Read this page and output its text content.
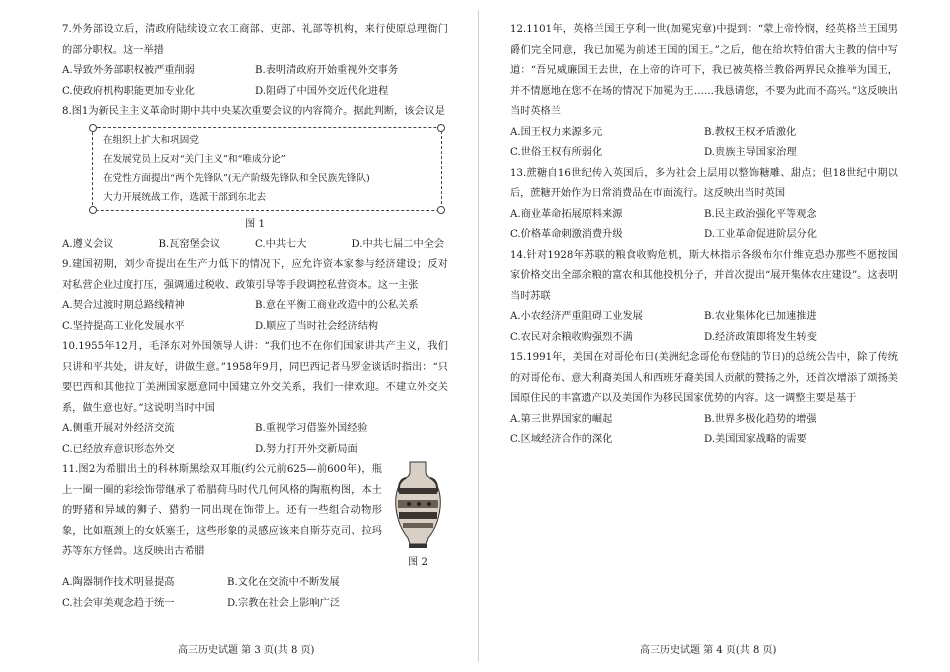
7.外务部设立后，清政府陆续设立农工商部、吏部、礼部等机构，来行使原总理衙门的部分职权。这一举措

A.导致外务部职权被严重削弱	B.表明清政府开始重视外交事务
C.使政府机构职能更加专业化	D.阻碍了中国外交近代化进程

8.图1为新民主主义革命时期中共中央某次重要会议的内容简介。据此判断，该会议是

在组织上扩大和巩固党
在发展党员上反对“关门主义”和“唯成分论”
在党性方面提出“两个先锋队”(无产阶级先锋队和全民族先锋队)
大力开展统战工作，选派干部到东北去
图 1
A.遵义会议	B.瓦窑堡会议	C.中共七大	D.中共七届二中全会

9.建国初期，刘少奇提出在生产力低下的情况下，应允许资本家参与经济建设；反对对私营企业过度打压，强调通过税收、政策引导等手段调控私营资本。这一主张

A.契合过渡时期总路线精神	B.意在平衡工商业改造中的公私关系
C.坚持提高工业化发展水平	D.顺应了当时社会经济结构

10.1955年12月，毛泽东对外国领导人讲：“我们也不在你们国家讲共产主义，我们只讲和平共处，讲友好，讲做生意。”1958年9月，同巴西记者马罗金谈话时指出：“只要巴西和其他拉丁美洲国家愿意同中国建立外交关系，我们一律欢迎。不建立外交关系，做生意也好。”这说明当时中国

A.侧重开展对外经济交流	B.重视学习借鉴外国经验
C.已经放弃意识形态外交	D.努力打开外交新局面
图 2

11.图2为希腊出土的科林斯黑绘双耳瓶(约公元前625—前600年)，瓶上一圈一圈的彩绘饰带继承了希腊荷马时代几何风格的陶瓶构图，本土的野猪和异域的狮子、猎豹一同出现在饰带上。还有一些组合动物形象，比如瓶颈上的女妖塞壬，这些形象的灵感应该来自斯芬克司、拉玛苏等东方怪兽。这反映出古希腊

A.陶器制作技术明显提高	B.文化在交流中不断发展
C.社会审美观念趋于统一	D.宗教在社会上影响广泛
高三历史试题 第 3 页(共 8 页)

12.1101年，英格兰国王亨利一世(加冕宪章)中提到：“蒙上帝怜悯，经英格兰王国男爵们完全同意，我已加冕为前述王国的国王。”之后，他在给坎特伯雷大主教的信中写道：“吾兄威廉国王去世，在上帝的许可下，我已被英格兰教俗两界民众推举为国王，并不情愿地在您不在场的情况下加冕为王……我恳请您，不要为此而不高兴。”这反映出当时英格兰

A.国王权力来源多元	B.教权王权矛盾激化
C.世俗王权有所弱化	D.贵族主导国家治理

13.蔗糖自16世纪传入英国后，多为社会上层用以整饰糖雕、甜点；但18世纪中期以后，蔗糖开始作为日常消费品在市面流行。这反映出当时英国

A.商业革命拓展原料来源	B.民主政治强化平等观念
C.价格革命刺激消费升级	D.工业革命促进阶层分化

14.针对1928年苏联的粮食收购危机，斯大林指示各级布尔什维克恐办那些不愿按国家价格交出全部余粮的富农和其他投机分子，并首次提出“展开集体农庄建设”。这表明当时苏联

A.小农经济严重阻碍工业发展	B.农业集体化已加速推进
C.农民对余粮收购强烈不满	D.经济政策即将发生转变

15.1991年，美国在对哥伦布日(美洲纪念哥伦布登陆的节日)的总统公告中，除了传统的对哥伦布、意大利裔美国人和西班牙裔美国人贡献的赞扬之外，还首次增添了颂扬美国原住民的丰富遗产以及美国作为移民国家优势的内容。这一调整主要是基于

A.第三世界国家的崛起	B.世界多极化趋势的增强
C.区域经济合作的深化	D.美国国家战略的需要
高三历史试题 第 4 页(共 8 页)
